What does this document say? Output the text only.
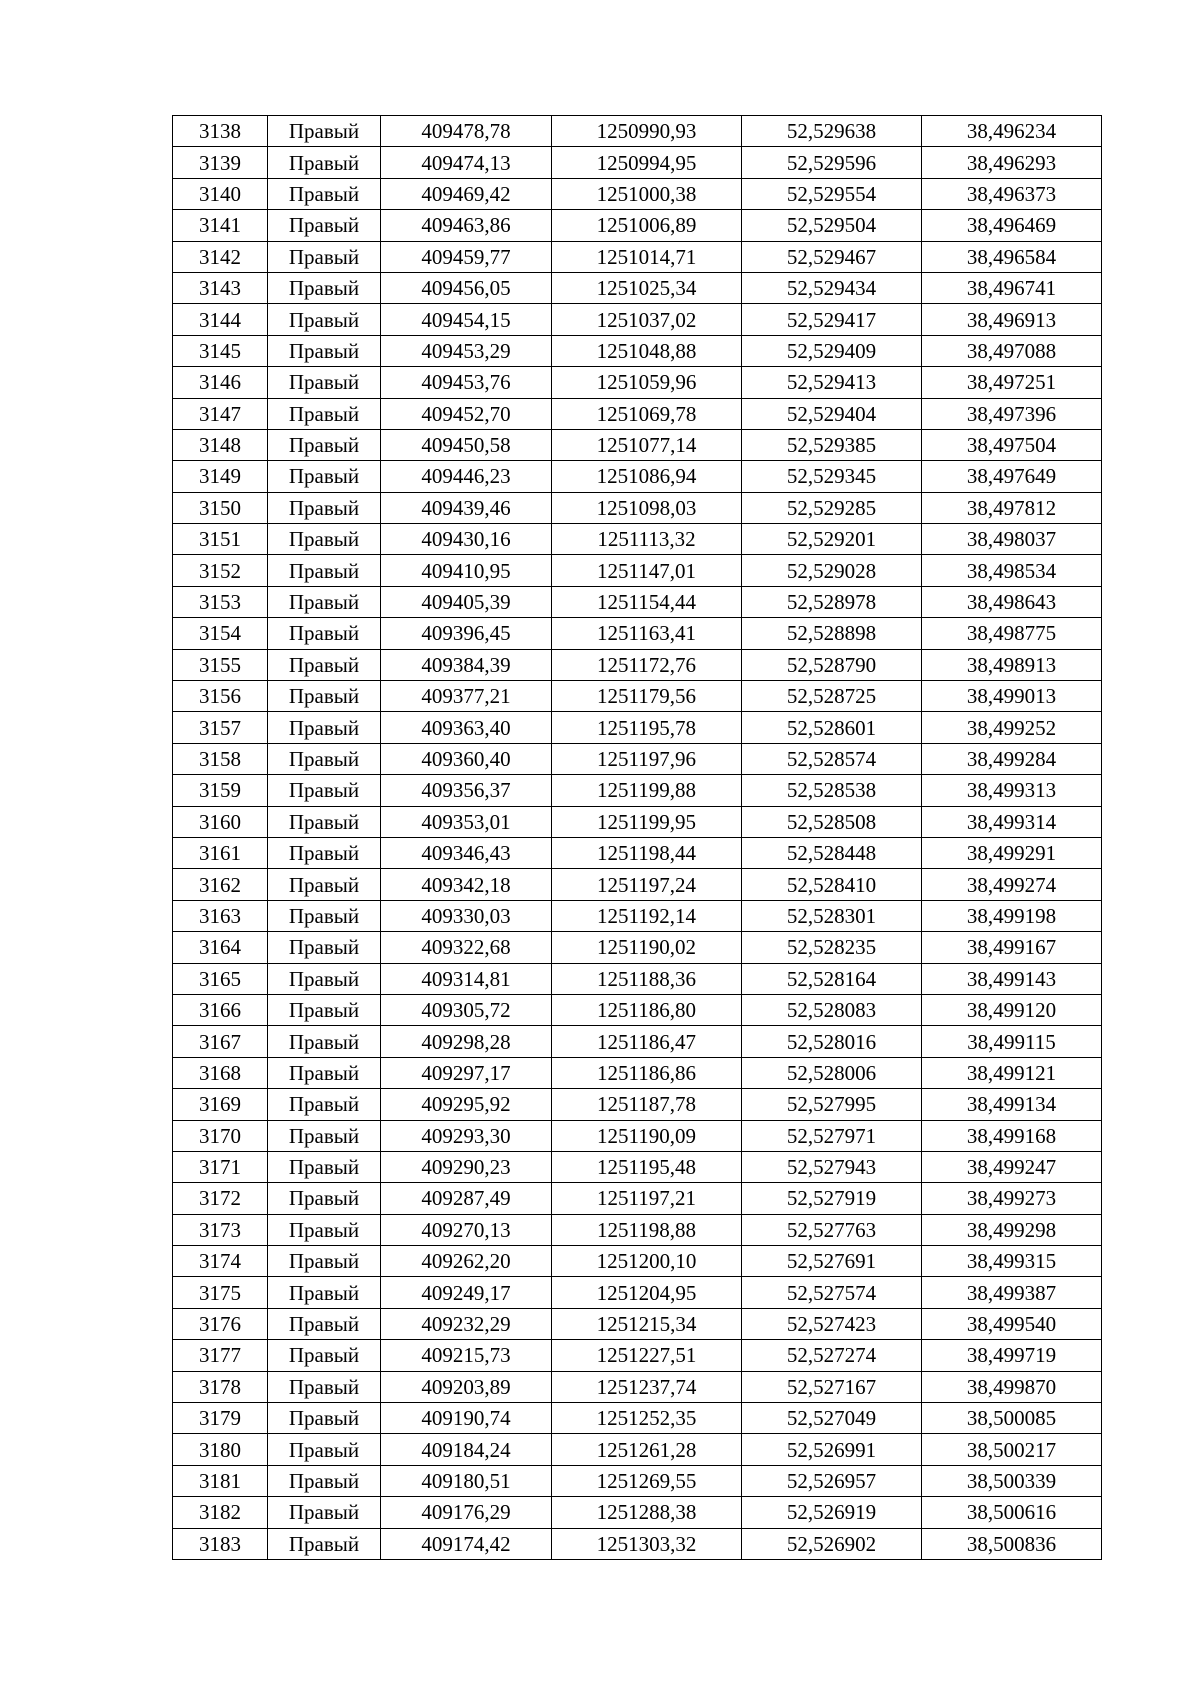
3138	Правый	409478,78	1250990,93	52,529638	38,496234
3139	Правый	409474,13	1250994,95	52,529596	38,496293
3140	Правый	409469,42	1251000,38	52,529554	38,496373
3141	Правый	409463,86	1251006,89	52,529504	38,496469
3142	Правый	409459,77	1251014,71	52,529467	38,496584
3143	Правый	409456,05	1251025,34	52,529434	38,496741
3144	Правый	409454,15	1251037,02	52,529417	38,496913
3145	Правый	409453,29	1251048,88	52,529409	38,497088
3146	Правый	409453,76	1251059,96	52,529413	38,497251
3147	Правый	409452,70	1251069,78	52,529404	38,497396
3148	Правый	409450,58	1251077,14	52,529385	38,497504
3149	Правый	409446,23	1251086,94	52,529345	38,497649
3150	Правый	409439,46	1251098,03	52,529285	38,497812
3151	Правый	409430,16	1251113,32	52,529201	38,498037
3152	Правый	409410,95	1251147,01	52,529028	38,498534
3153	Правый	409405,39	1251154,44	52,528978	38,498643
3154	Правый	409396,45	1251163,41	52,528898	38,498775
3155	Правый	409384,39	1251172,76	52,528790	38,498913
3156	Правый	409377,21	1251179,56	52,528725	38,499013
3157	Правый	409363,40	1251195,78	52,528601	38,499252
3158	Правый	409360,40	1251197,96	52,528574	38,499284
3159	Правый	409356,37	1251199,88	52,528538	38,499313
3160	Правый	409353,01	1251199,95	52,528508	38,499314
3161	Правый	409346,43	1251198,44	52,528448	38,499291
3162	Правый	409342,18	1251197,24	52,528410	38,499274
3163	Правый	409330,03	1251192,14	52,528301	38,499198
3164	Правый	409322,68	1251190,02	52,528235	38,499167
3165	Правый	409314,81	1251188,36	52,528164	38,499143
3166	Правый	409305,72	1251186,80	52,528083	38,499120
3167	Правый	409298,28	1251186,47	52,528016	38,499115
3168	Правый	409297,17	1251186,86	52,528006	38,499121
3169	Правый	409295,92	1251187,78	52,527995	38,499134
3170	Правый	409293,30	1251190,09	52,527971	38,499168
3171	Правый	409290,23	1251195,48	52,527943	38,499247
3172	Правый	409287,49	1251197,21	52,527919	38,499273
3173	Правый	409270,13	1251198,88	52,527763	38,499298
3174	Правый	409262,20	1251200,10	52,527691	38,499315
3175	Правый	409249,17	1251204,95	52,527574	38,499387
3176	Правый	409232,29	1251215,34	52,527423	38,499540
3177	Правый	409215,73	1251227,51	52,527274	38,499719
3178	Правый	409203,89	1251237,74	52,527167	38,499870
3179	Правый	409190,74	1251252,35	52,527049	38,500085
3180	Правый	409184,24	1251261,28	52,526991	38,500217
3181	Правый	409180,51	1251269,55	52,526957	38,500339
3182	Правый	409176,29	1251288,38	52,526919	38,500616
3183	Правый	409174,42	1251303,32	52,526902	38,500836
